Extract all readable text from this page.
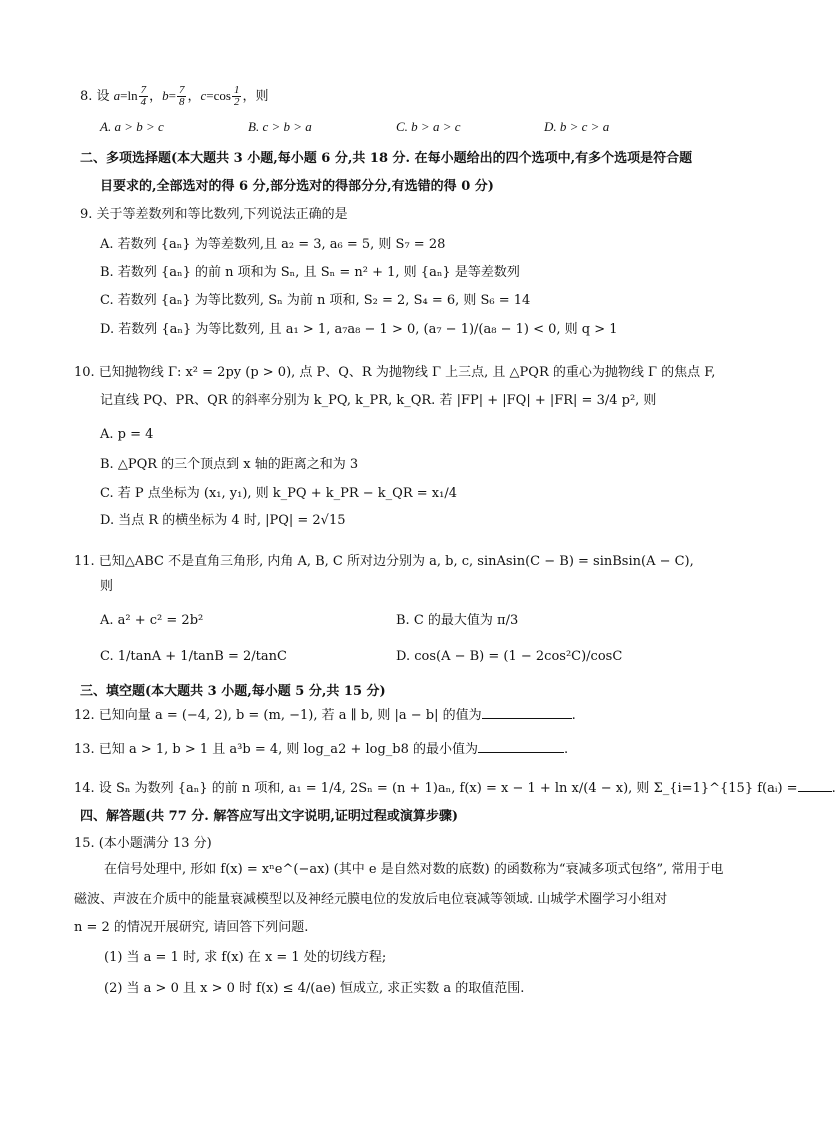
8. 设 $a=\ln \frac{7}{4}$ ，$b= \frac{7}{8}$ ，$c=\cos \frac{1}{2}$ ，则
A. a > b > c	B. c > b > a	C. b > a > c	D. b > c > a
二、多项选择题(本大题共 3 小题,每小题 6 分,共 18 分. 在每小题给出的四个选项中,有多个选项是符合题
目要求的,全部选对的得 6 分,部分选对的得部分分,有选错的得 0 分)
9. 关于等差数列和等比数列,下列说法正确的是
A. 若数列 {aₙ} 为等差数列,且 a₂ = 3, a₆ = 5, 则 S₇ = 28
B. 若数列 {aₙ} 的前 n 项和为 Sₙ, 且 Sₙ = n² + 1, 则 {aₙ} 是等差数列
C. 若数列 {aₙ} 为等比数列, Sₙ 为前 n 项和, S₂ = 2, S₄ = 6, 则 S₆ = 14
D. 若数列 {aₙ} 为等比数列, 且 a₁ > 1, a₇a₈ − 1 > 0, (a₇ − 1)/(a₈ − 1) < 0, 则 q > 1
10. 已知抛物线 Γ: x² = 2py (p > 0), 点 P、Q、R 为抛物线 Γ 上三点, 且 △PQR 的重心为抛物线 Γ 的焦点 F,
记直线 PQ、PR、QR 的斜率分别为 k_PQ, k_PR, k_QR. 若 |FP| + |FQ| + |FR| = 3/4 p², 则
A. p = 4
B. △PQR 的三个顶点到 x 轴的距离之和为 3
C. 若 P 点坐标为 (x₁, y₁), 则 k_PQ + k_PR − k_QR = x₁/4
D. 当点 R 的横坐标为 4 时, |PQ| = 2√15
11. 已知△ABC 不是直角三角形, 内角 A, B, C 所对边分别为 a, b, c, sinAsin(C − B) = sinBsin(A − C),
则
A. a² + c² = 2b²	B. C 的最大值为 π/3
C. 1/tanA + 1/tanB = 2/tanC	D. cos(A − B) = (1 − 2cos²C)/cosC
三、填空题(本大题共 3 小题,每小题 5 分,共 15 分)
12. 已知向量 a = (−4, 2), b = (m, −1), 若 a ∥ b, 则 |a − b| 的值为	.
13. 已知 a > 1, b > 1 且 a³b = 4, 则 log_a2 + log_b8 的最小值为	.
14. 设 Sₙ 为数列 {aₙ} 的前 n 项和, a₁ = 1/4, 2Sₙ = (n + 1)aₙ, f(x) = x − 1 + ln x/(4 − x), 则 Σ_{i=1}^{15} f(aᵢ) =	.
四、解答题(共 77 分. 解答应写出文字说明,证明过程或演算步骤)
15. (本小题满分 13 分)
在信号处理中, 形如 f(x) = xⁿe^(−ax) (其中 e 是自然对数的底数) 的函数称为“衰减多项式包络”, 常用于电
磁波、声波在介质中的能量衰减模型以及神经元膜电位的发放后电位衰减等领域. 山城学术圈学习小组对
n = 2 的情况开展研究, 请回答下列问题.
(1) 当 a = 1 时, 求 f(x) 在 x = 1 处的切线方程;
(2) 当 a > 0 且 x > 0 时 f(x) ≤ 4/(ae) 恒成立, 求正实数 a 的取值范围.
